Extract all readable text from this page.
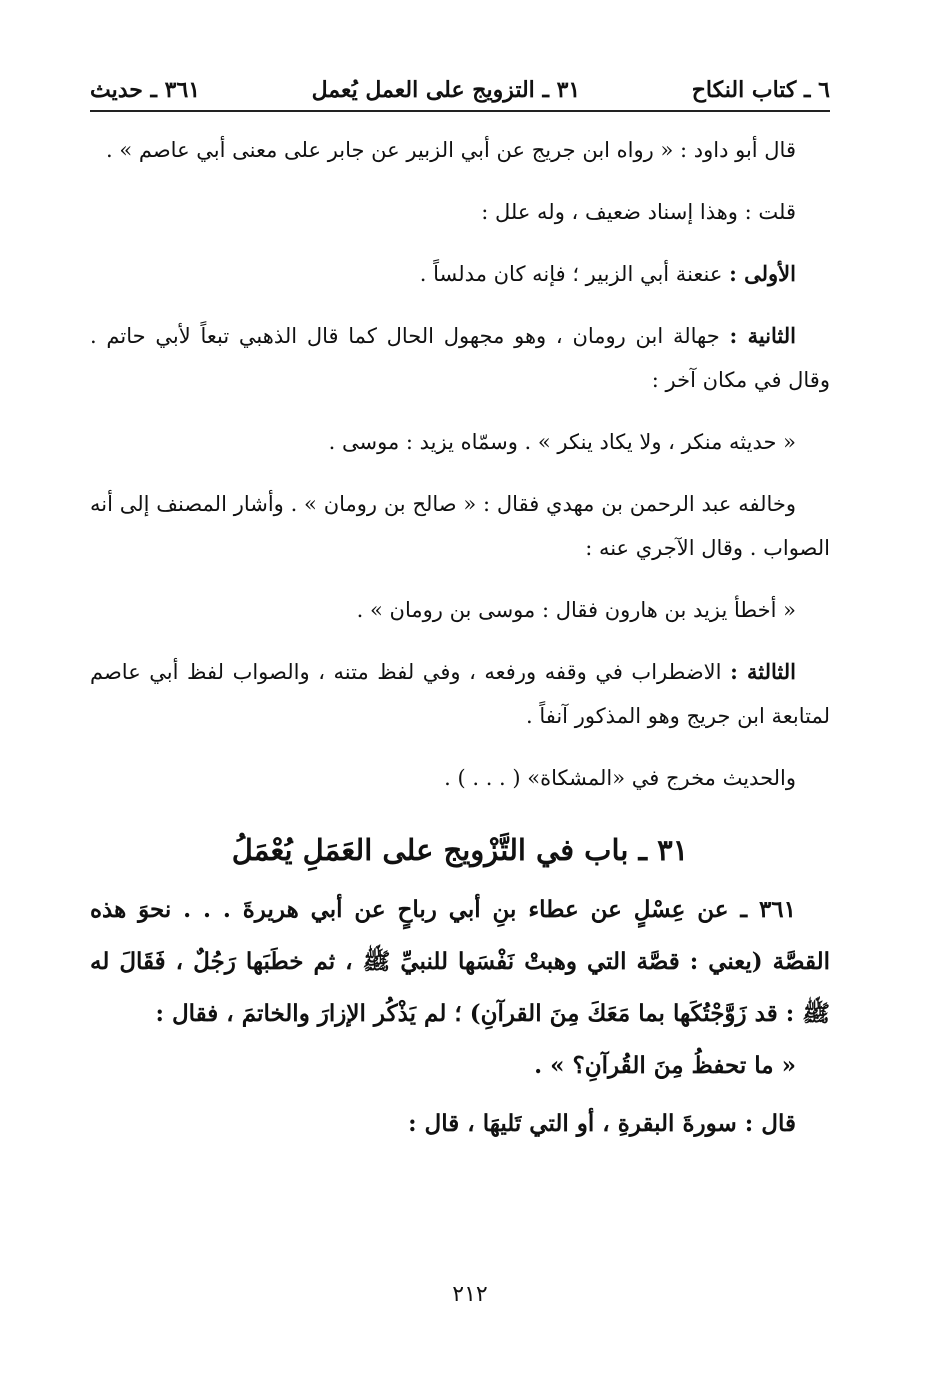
٦ ـ كتاب النكاح
٣١ ـ التزويج على العمل يُعمل
٣٦١ ـ حديث

قال أبو داود : « رواه ابن جريج عن أبي الزبير عن جابر على معنى أبي عاصم » .

قلت : وهذا إسناد ضعيف ، وله علل :

الأولى : عنعنة أبي الزبير ؛ فإنه كان مدلساً .

الثانية : جهالة ابن رومان ، وهو مجهول الحال كما قال الذهبي تبعاً لأبي حاتم . وقال في مكان آخر :

« حديثه منكر ، ولا يكاد ينكر » . وسمّاه يزيد : موسى .

وخالفه عبد الرحمن بن مهدي فقال : « صالح بن رومان » . وأشار المصنف إلى أنه الصواب . وقال الآجري عنه :

« أخطأ يزيد بن هارون فقال : موسى بن رومان » .

الثالثة : الاضطراب في وقفه ورفعه ، وفي لفظ متنه ، والصواب لفظ أبي عاصم لمتابعة ابن جريج وهو المذكور آنفاً .

والحديث مخرج في «المشكاة» ( . . . ) .

٣١ ـ باب في التَّزْويج على العَمَلِ يُعْمَلُ

٣٦١ ـ عن عِسْلٍ عن عطاء بنِ أبي رباحٍ عن أبي هريرةَ . . . نحوَ هذه القصَّة (يعني : قصَّة التي وهبتْ نَفْسَها للنبيِّ ﷺ ، ثم خطَبَها رَجُلٌ ، فَقَالَ له ﷺ : قد زَوَّجْتُكَها بما مَعَكَ مِنَ القرآنِ) ؛ لم يَذْكُر الإزارَ والخاتمَ ، فقال :

« ما تحفظُ مِنَ القُرآنِ؟ » .

قال : سورةَ البقرةِ ، أو التي تَليهَا ، قال :

٢١٢
